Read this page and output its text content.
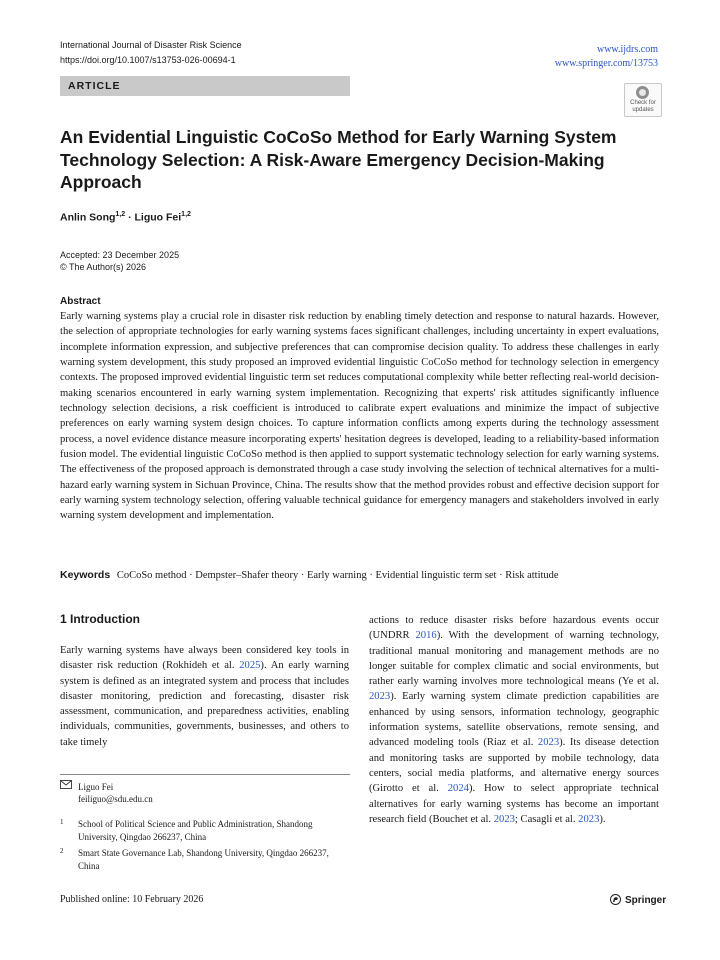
International Journal of Disaster Risk Science
https://doi.org/10.1007/s13753-026-00694-1
www.ijdrs.com
www.springer.com/13753
ARTICLE
Check for updates
An Evidential Linguistic CoCoSo Method for Early Warning System Technology Selection: A Risk-Aware Emergency Decision-Making Approach
Anlin Song$^{1,2}$ · Liguo Fei$^{1,2}$
Accepted: 23 December 2025
© The Author(s) 2026
Abstract
Early warning systems play a crucial role in disaster risk reduction by enabling timely detection and response to natural hazards. However, the selection of appropriate technologies for early warning systems faces significant challenges, including uncertainty in expert evaluations, incomplete information expression, and subjective preferences that can compromise decision quality. To address these challenges in early warning system development, this study proposed an improved evidential linguistic CoCoSo method for technology selection in emergency contexts. The proposed improved evidential linguistic term set reduces computational complexity while better reflecting real-world decision-making scenarios encountered in early warning system implementation. Recognizing that experts' risk attitudes significantly influence technology selection decisions, a risk coefficient is introduced to calibrate expert evaluations and minimize the impact of subjective preferences on early warning system design choices. To capture information conflicts among experts during the technology assessment process, a novel evidence distance measure incorporating experts' hesitation degrees is developed, leading to a reliability-based information fusion model. The evidential linguistic CoCoSo method is then applied to support systematic technology selection for early warning systems. The effectiveness of the proposed approach is demonstrated through a case study involving the selection of technical alternatives for a multi-hazard early warning system in Sichuan Province, China. The results show that the method provides robust and effective decision support for early warning system technology selection, offering valuable technical guidance for emergency managers and stakeholders involved in early warning system development and implementation.
Keywords CoCoSo method · Dempster–Shafer theory · Early warning · Evidential linguistic term set · Risk attitude
1 Introduction
Early warning systems have always been considered key tools in disaster risk reduction (Rokhideh et al. 2025). An early warning system is defined as an integrated system and process that includes disaster monitoring, prediction and forecasting, disaster risk assessment, communication, and preparedness activities, enabling individuals, communities, governments, businesses, and others to take timely
actions to reduce disaster risks before hazardous events occur (UNDRR 2016). With the development of warning technology, traditional manual monitoring and management methods are no longer suitable for complex climatic and social environments, but rather early warning involves more technological means (Ye et al. 2023). Early warning system climate prediction capabilities are enhanced by using sensors, information technology, geographic information systems, satellite observations, remote sensing, and advanced modeling tools (Riaz et al. 2023). Its disease detection and monitoring tasks are supported by mobile technology, data centers, social media platforms, and alternative energy sources (Girotto et al. 2024). How to select appropriate technical alternatives for early warning systems has become an important research field (Bouchet et al. 2023; Casagli et al. 2023).
Liguo Fei
feiliguo@sdu.edu.cn
1 School of Political Science and Public Administration, Shandong University, Qingdao 266237, China
2 Smart State Governance Lab, Shandong University, Qingdao 266237, China
Published online: 10 February 2026	Springer
